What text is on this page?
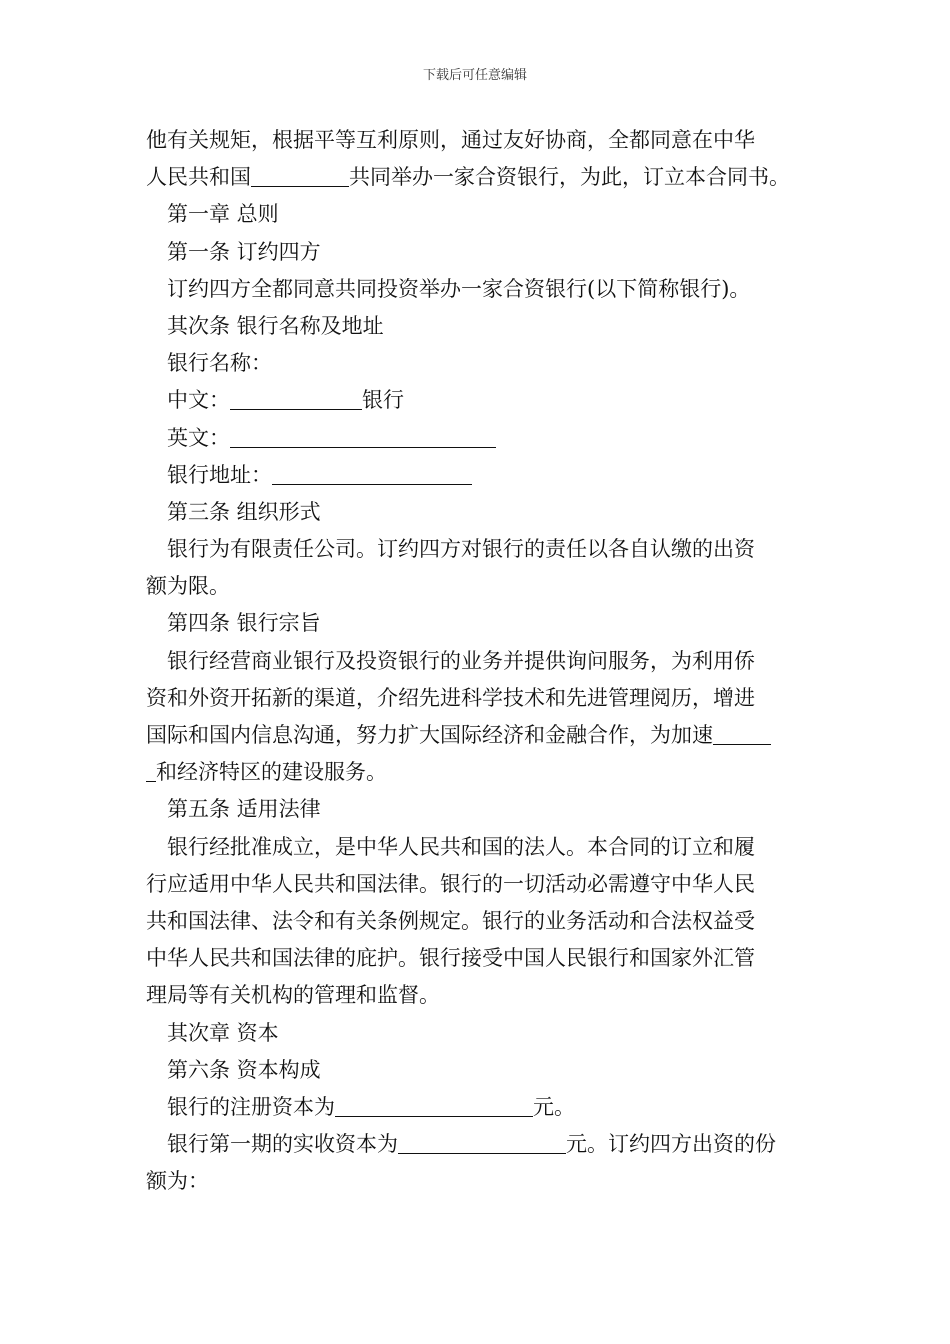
下载后可任意编辑
他有关规矩，根据平等互利原则，通过友好协商，全都同意在中华
人民共和国	共同举办一家合资银行，为此，订立本合同书。
第一章 总则
第一条 订约四方
订约四方全都同意共同投资举办一家合资银行(以下简称银行)。
其次条 银行名称及地址
银行名称：
中文：	银行
英文：
银行地址：
第三条 组织形式
银行为有限责任公司。订约四方对银行的责任以各自认缴的出资
额为限。
第四条 银行宗旨
银行经营商业银行及投资银行的业务并提供询问服务，为利用侨
资和外资开拓新的渠道，介绍先进科学技术和先进管理阅历，增进
国际和国内信息沟通，努力扩大国际经济和金融合作，为加速
和经济特区的建设服务。
第五条 适用法律
银行经批准成立，是中华人民共和国的法人。本合同的订立和履
行应适用中华人民共和国法律。银行的一切活动必需遵守中华人民
共和国法律、法令和有关条例规定。银行的业务活动和合法权益受
中华人民共和国法律的庇护。银行接受中国人民银行和国家外汇管
理局等有关机构的管理和监督。
其次章 资本
第六条 资本构成
银行的注册资本为	元。
银行第一期的实收资本为	元。订约四方出资的份
额为：
